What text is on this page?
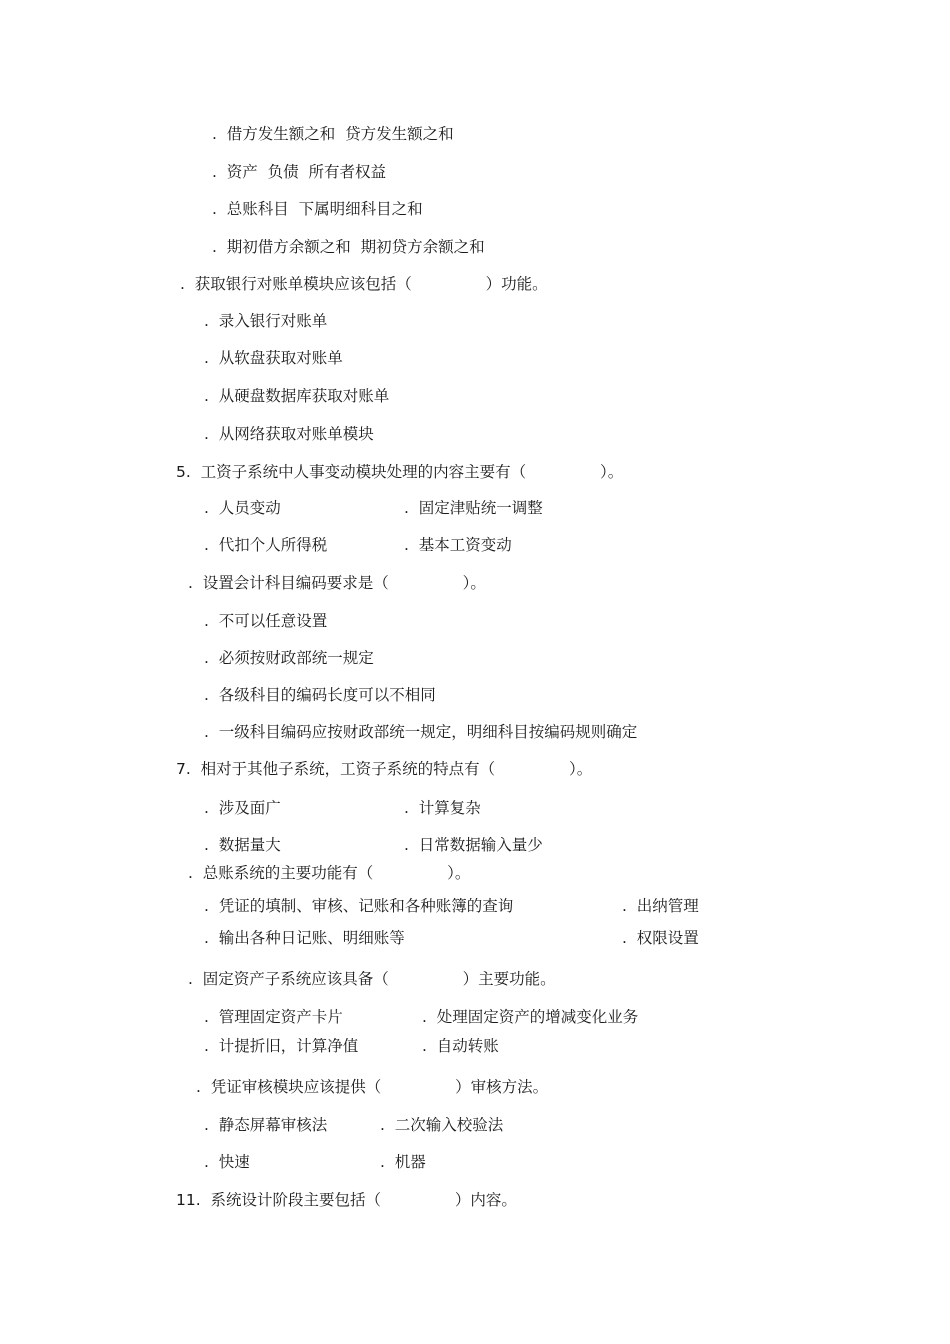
.  借方发生额之和  贷方发生额之和
.  资产  负债  所有者权益
.  总账科目  下属明细科目之和
.  期初借方余额之和  期初贷方余额之和
.  获取银行对账单模块应该包括（               ）功能。
.  录入银行对账单
.  从软盘获取对账单
.  从硬盘数据库获取对账单
.  从网络获取对账单模块
5.  工资子系统中人事变动模块处理的内容主要有（               ）。
.  人员变动	.  固定津贴统一调整
.  代扣个人所得税	.  基本工资变动
.  设置会计科目编码要求是（               ）。
.  不可以任意设置
.  必须按财政部统一规定
.  各级科目的编码长度可以不相同
.  一级科目编码应按财政部统一规定，明细科目按编码规则确定
7.  相对于其他子系统，工资子系统的特点有（               ）。
.  涉及面广	.  计算复杂
.  数据量大	.  日常数据输入量少
.  总账系统的主要功能有（               ）。
.  凭证的填制、审核、记账和各种账簿的查询	.  出纳管理
.  输出各种日记账、明细账等	.  权限设置
.  固定资产子系统应该具备（               ）主要功能。
.  管理固定资产卡片	.  处理固定资产的增减变化业务
.  计提折旧，计算净值	.  自动转账
.  凭证审核模块应该提供（               ）审核方法。
.  静态屏幕审核法	.  二次输入校验法
.  快速	.  机器
11.  系统设计阶段主要包括（               ）内容。
